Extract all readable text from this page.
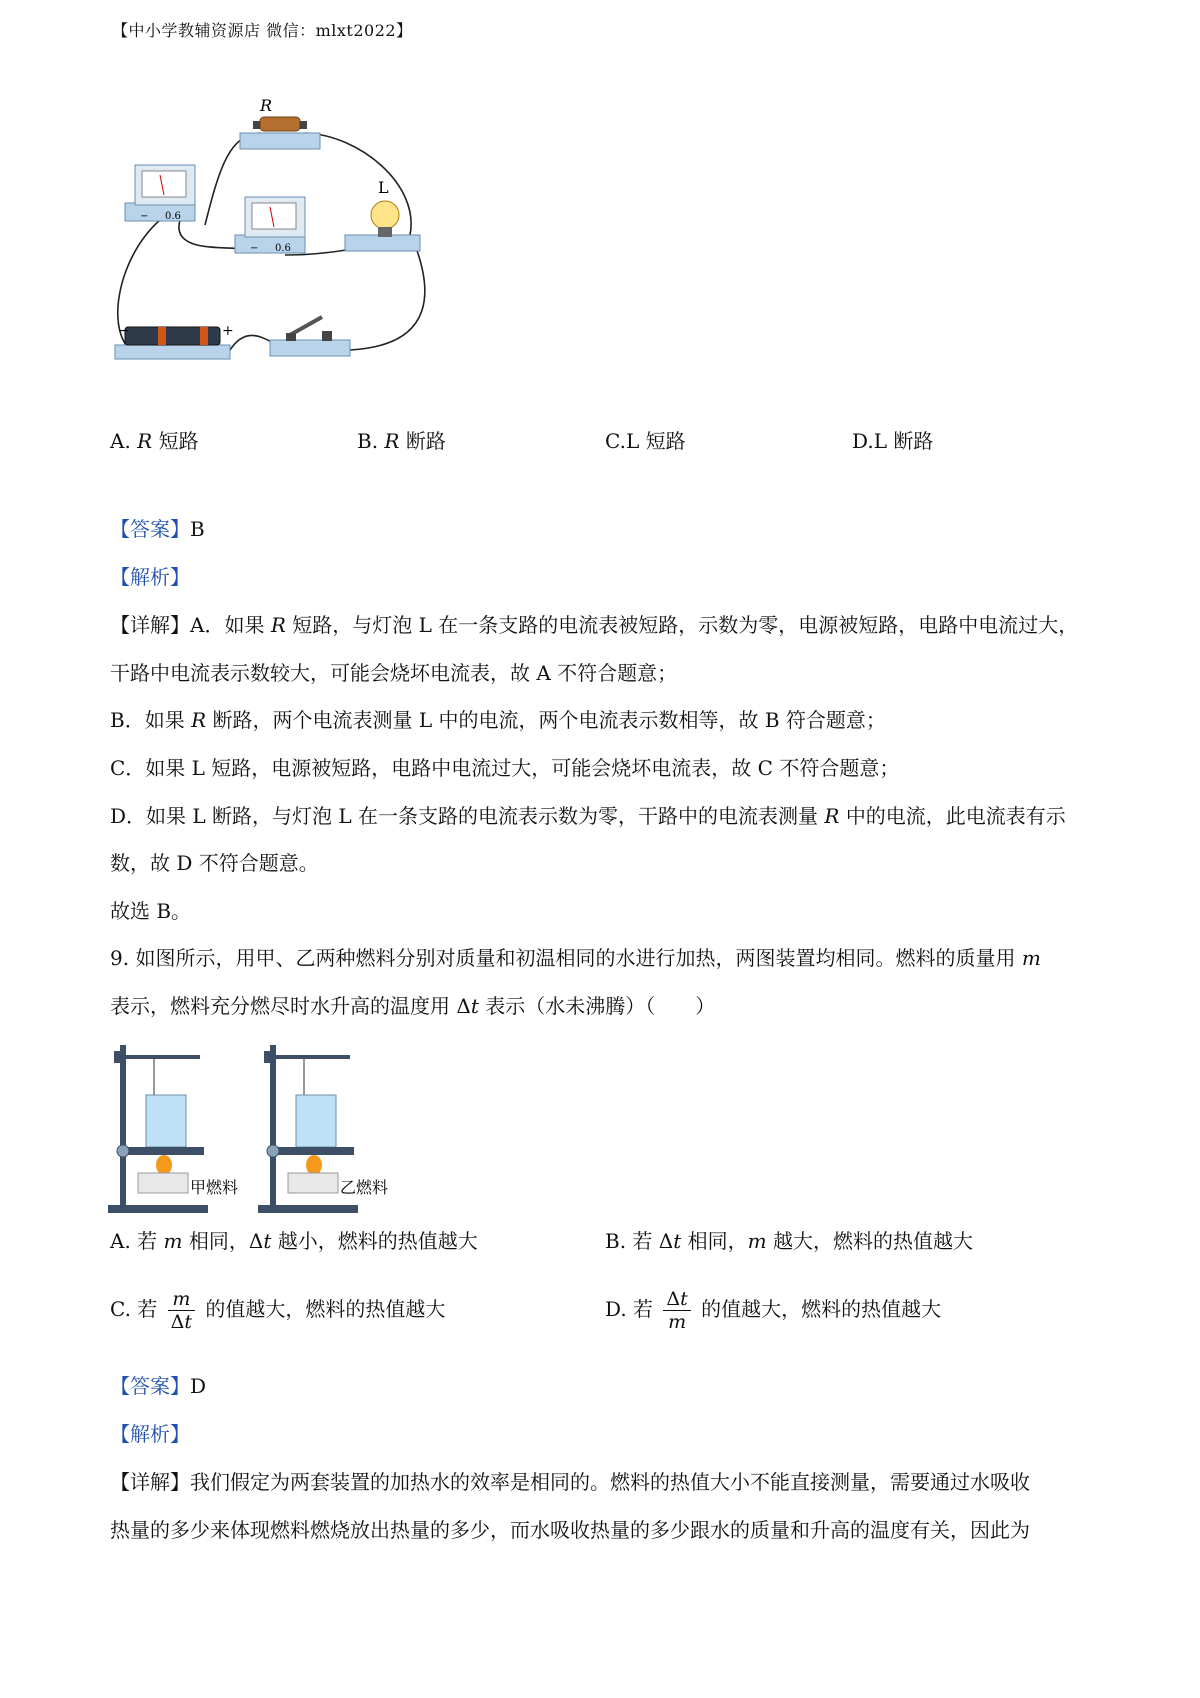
【中小学教辅资源店 微信：mlxt2022】
R
− 0.6
− 0.6
L
−	+
A. R 短路	B. R 断路	C.L 短路	D.L 断路
【答案】B
【解析】
【详解】A．如果 R 短路，与灯泡 L 在一条支路的电流表被短路，示数为零，电源被短路，电路中电流过大，
干路中电流表示数较大，可能会烧坏电流表，故 A 不符合题意；
B．如果 R 断路，两个电流表测量 L 中的电流，两个电流表示数相等，故 B 符合题意；
C．如果 L 短路，电源被短路，电路中电流过大，可能会烧坏电流表，故 C 不符合题意；
D．如果 L 断路，与灯泡 L 在一条支路的电流表示数为零，干路中的电流表测量 R 中的电流，此电流表有示
数，故 D 不符合题意。
故选 B。
9. 如图所示，用甲、乙两种燃料分别对质量和初温相同的水进行加热，两图装置均相同。燃料的质量用 m
表示，燃料充分燃尽时水升高的温度用 Δt 表示（水未沸腾）（　　）
甲燃料	乙燃料
A. 若 m 相同，Δt 越小，燃料的热值越大	B. 若 Δt 相同，m 越大，燃料的热值越大
C. 若 $\frac{m}{\Delta t}$ 的值越大，燃料的热值越大	D. 若 $\frac{\Delta t}{m}$ 的值越大，燃料的热值越大
【答案】D
【解析】
【详解】我们假定为两套装置的加热水的效率是相同的。燃料的热值大小不能直接测量，需要通过水吸收
热量的多少来体现燃料燃烧放出热量的多少，而水吸收热量的多少跟水的质量和升高的温度有关，因此为
